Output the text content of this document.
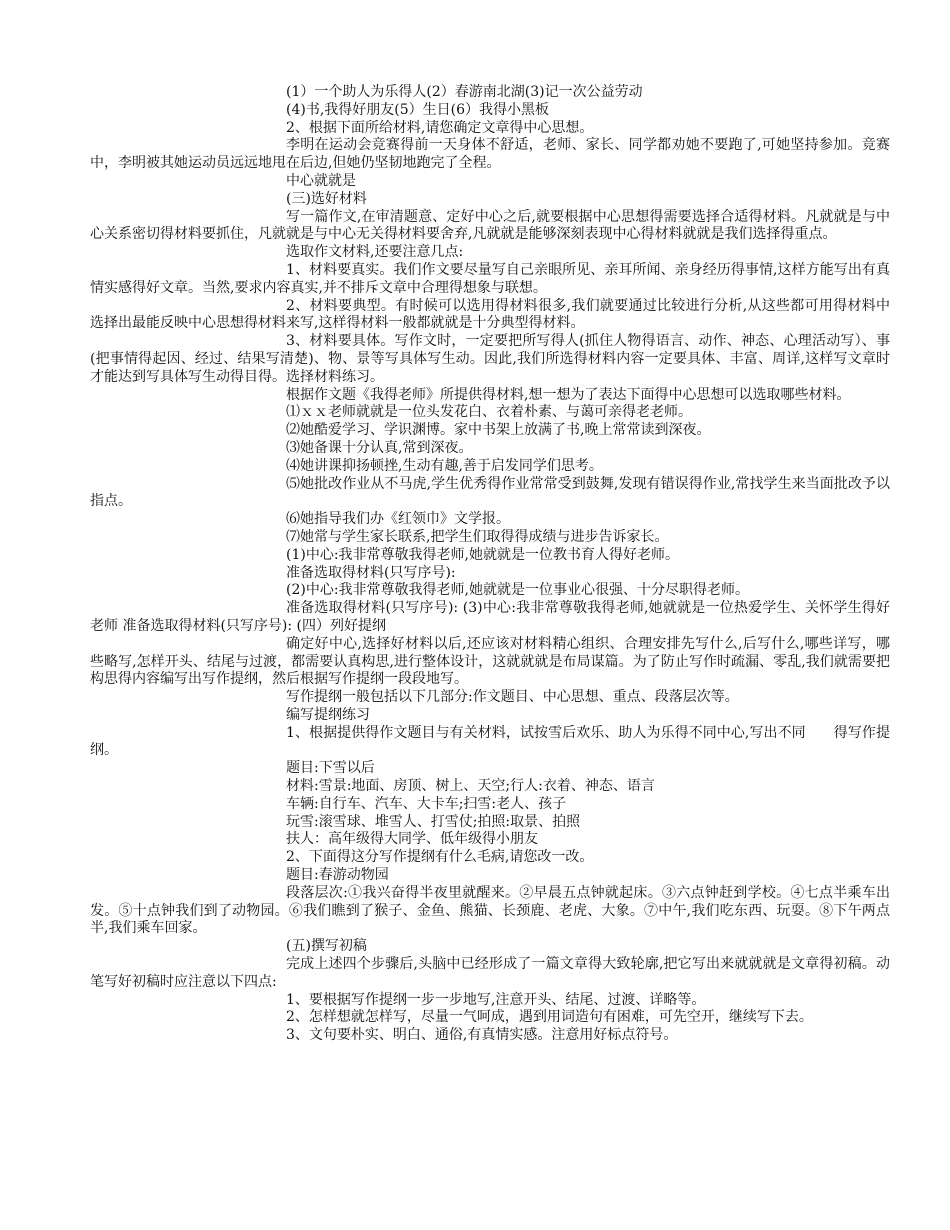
(1）一个助人为乐得人(2）春游南北湖(3)记一次公益劳动

(4)书,我得好朋友(5）生日(6）我得小黑板

2、根据下面所给材料,请您确定文章得中心思想。

李明在运动会竞赛得前一天身体不舒适，老师、家长、同学都劝她不要跑了,可她坚持参加。竞赛中，李明被其她运动员远远地甩在后边,但她仍坚韧地跑完了全程。

中心就就是

(三)选好材料

写一篇作文,在审清题意、定好中心之后,就要根据中心思想得需要选择合适得材料。凡就就是与中心关系密切得材料要抓住，凡就就是与中心无关得材料要舍弃,凡就就是能够深刻表现中心得材料就就是我们选择得重点。

选取作文材料,还要注意几点:

1、材料要真实。我们作文要尽量写自己亲眼所见、亲耳所闻、亲身经历得事情,这样方能写出有真情实感得好文章。当然,要求内容真实,并不排斥文章中合理得想象与联想。

2、材料要典型。有时候可以选用得材料很多,我们就要通过比较进行分析,从这些都可用得材料中选择出最能反映中心思想得材料来写,这样得材料一般都就就是十分典型得材料。

3、材料要具体。写作文时，一定要把所写得人(抓住人物得语言、动作、神态、心理活动写）、事(把事情得起因、经过、结果写清楚)、物、景等写具体写生动。因此,我们所选得材料内容一定要具体、丰富、周详,这样写文章时才能达到写具体写生动得目得。选择材料练习。

根据作文题《我得老师》所提供得材料,想一想为了表达下面得中心思想可以选取哪些材料。

⑴ｘｘ老师就就是一位头发花白、衣着朴素、与蔼可亲得老老师。

⑵她酷爱学习、学识渊博。家中书架上放满了书,晚上常常读到深夜。

⑶她备课十分认真,常到深夜。

⑷她讲课抑扬顿挫,生动有趣,善于启发同学们思考。

⑸她批改作业从不马虎,学生优秀得作业常常受到鼓舞,发现有错误得作业,常找学生来当面批改予以指点。

⑹她指导我们办《红领巾》文学报。

⑺她常与学生家长联系,把学生们取得得成绩与进步告诉家长。

(1)中心:我非常尊敬我得老师,她就就是一位教书育人得好老师。

准备选取得材料(只写序号):

(2)中心:我非常尊敬我得老师,她就就是一位事业心很强、十分尽职得老师。

准备选取得材料(只写序号): (3)中心:我非常尊敬我得老师,她就就是一位热爱学生、关怀学生得好老师 准备选取得材料(只写序号): (四）列好提纲

确定好中心,选择好材料以后,还应该对材料精心组织、合理安排先写什么,后写什么,哪些详写，哪些略写,怎样开头、结尾与过渡，都需要认真构思,进行整体设计，这就就就是布局谋篇。为了防止写作时疏漏、零乱,我们就需要把构思得内容编写出写作提纲，然后根据写作提纲一段段地写。

写作提纲一般包括以下几部分:作文题目、中心思想、重点、段落层次等。

编写提纲练习

1、根据提供得作文题目与有关材料，试按雪后欢乐、助人为乐得不同中心,写出不同　　得写作提纲。

题目:下雪以后

材料:雪景:地面、房顶、树上、天空;行人:衣着、神态、语言

车辆:自行车、汽车、大卡车;扫雪:老人、孩子

玩雪:滚雪球、堆雪人、打雪仗;拍照:取景、拍照

扶人：高年级得大同学、低年级得小朋友

2、下面得这分写作提纲有什么毛病,请您改一改。

题目:春游动物园

段落层次:①我兴奋得半夜里就醒来。②早晨五点钟就起床。③六点钟赶到学校。④七点半乘车出发。⑤十点钟我们到了动物园。⑥我们瞧到了猴子、金鱼、熊猫、长颈鹿、老虎、大象。⑦中午,我们吃东西、玩耍。⑧下午两点半,我们乘车回家。

(五)撰写初稿

完成上述四个步骤后,头脑中已经形成了一篇文章得大致轮廓,把它写出来就就就是文章得初稿。动笔写好初稿时应注意以下四点:

1、要根据写作提纲一步一步地写,注意开头、结尾、过渡、详略等。

2、怎样想就怎样写，尽量一气呵成，遇到用词造句有困难，可先空开，继续写下去。

3、文句要朴实、明白、通俗,有真情实感。注意用好标点符号。
